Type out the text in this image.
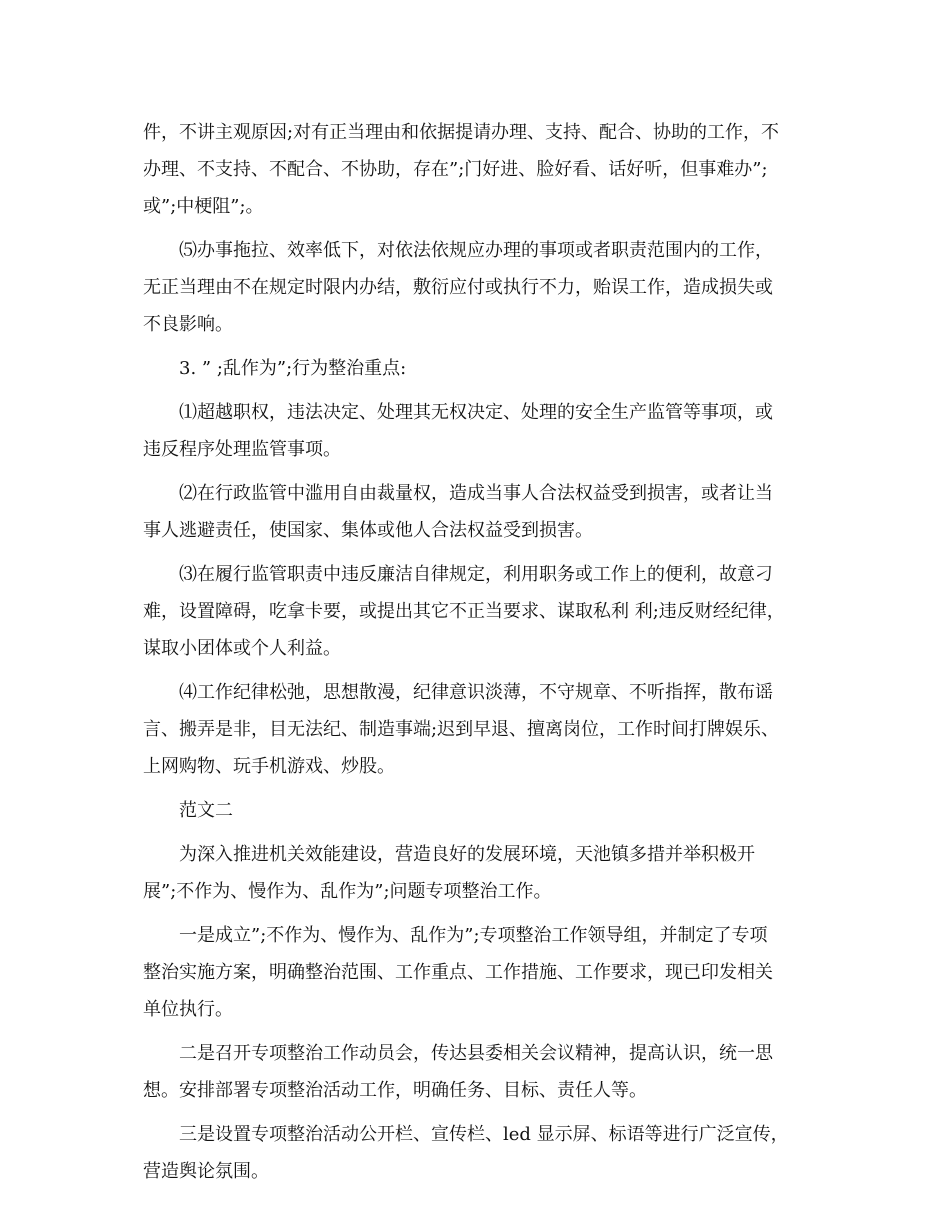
件，不讲主观原因;对有正当理由和依据提请办理、支持、配合、协助的工作，不
办理、不支持、不配合、不协助，存在”;门好进、脸好看、话好听，但事难办”;
或”;中梗阻”;。

⑸办事拖拉、效率低下，对依法依规应办理的事项或者职责范围内的工作，
无正当理由不在规定时限内办结，敷衍应付或执行不力，贻误工作，造成损失或
不良影响。

3. ” ;乱作为”;行为整治重点:

⑴超越职权，违法决定、处理其无权决定、处理的安全生产监管等事项，或
违反程序处理监管事项。

⑵在行政监管中滥用自由裁量权，造成当事人合法权益受到损害，或者让当
事人逃避责任，使国家、集体或他人合法权益受到损害。

⑶在履行监管职责中违反廉洁自律规定，利用职务或工作上的便利，故意刁
难，设置障碍，吃拿卡要，或提出其它不正当要求、谋取私利 利;违反财经纪律，
谋取小团体或个人利益。

⑷工作纪律松弛，思想散漫，纪律意识淡薄，不守规章、不听指挥，散布谣
言、搬弄是非，目无法纪、制造事端;迟到早退、擅离岗位，工作时间打牌娱乐、
上网购物、玩手机游戏、炒股。

范文二

为深入推进机关效能建设，营造良好的发展环境，天池镇多措并举积极开
展”;不作为、慢作为、乱作为”;问题专项整治工作。

一是成立”;不作为、慢作为、乱作为”;专项整治工作领导组，并制定了专项
整治实施方案，明确整治范围、工作重点、工作措施、工作要求，现已印发相关
单位执行。

二是召开专项整治工作动员会，传达县委相关会议精神，提高认识，统一思
想。安排部署专项整治活动工作，明确任务、目标、责任人等。

三是设置专项整治活动公开栏、宣传栏、led 显示屏、标语等进行广泛宣传，
营造舆论氛围。
